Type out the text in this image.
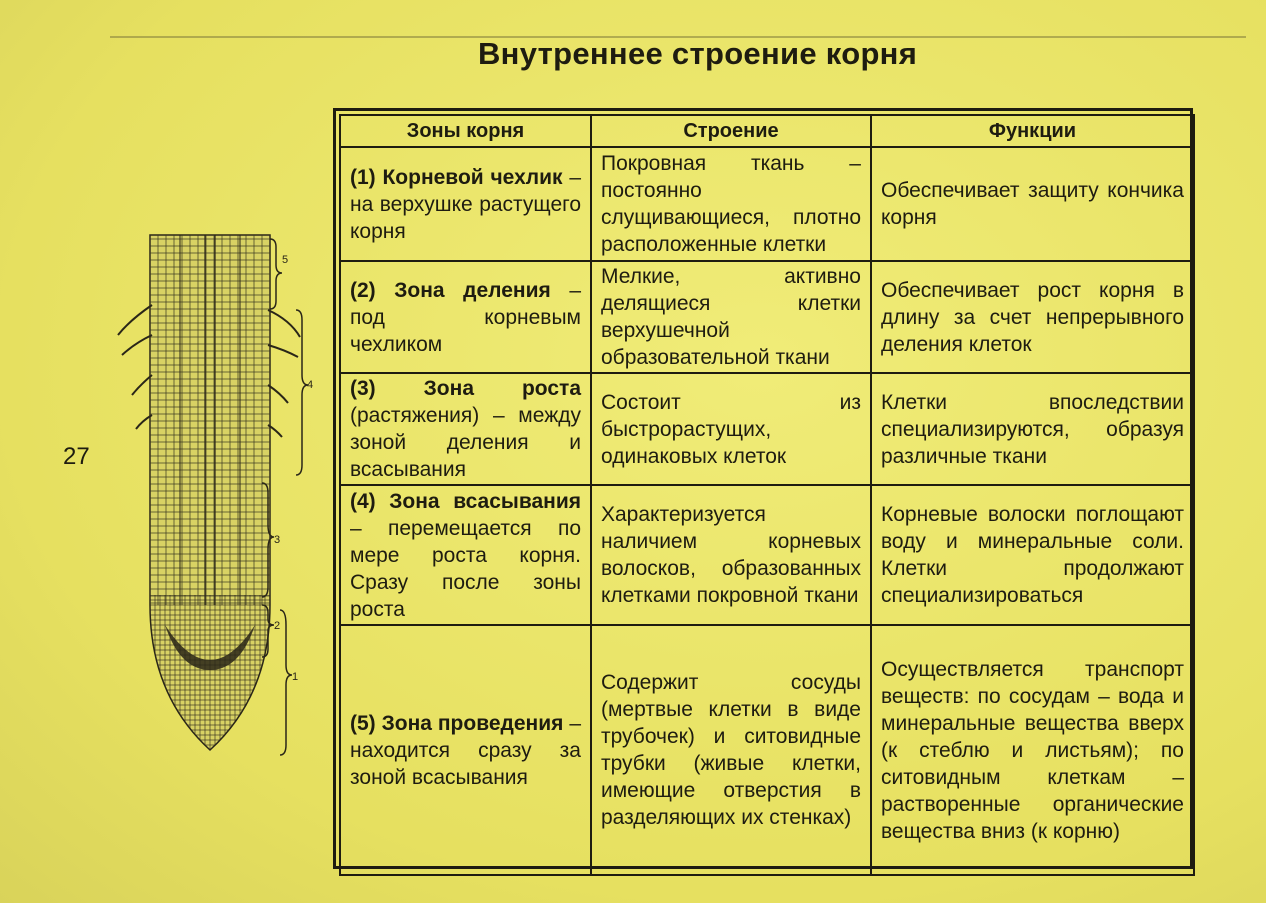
Внутреннее строение корня
27
5
4
3
2
1
Зоны корня	Строение	Функции
(1) Корневой чехлик – на верхушке растущего корня	Покровная ткань – постоянно слущивающиеся, плотно расположенные клетки	Обеспечивает защиту кончика корня
(2) Зона деления – под корневым чехликом	Мелкие, активно делящиеся клетки верхушечной образовательной ткани	Обеспечивает рост корня в длину за счет непрерывного деления клеток
(3) Зона роста (растяжения) – между зоной деления и всасывания	Состоит из быстрорастущих, одинаковых клеток	Клетки впоследствии специализируются, образуя различные ткани
(4) Зона всасывания – перемещается по мере роста корня. Сразу после зоны роста	Характеризуется наличием корневых волосков, образованных клетками покровной ткани	Корневые волоски поглощают воду и минеральные соли. Клетки продолжают специализироваться
(5) Зона проведения – находится сразу за зоной всасывания	Содержит сосуды (мертвые клетки в виде трубочек) и ситовидные трубки (живые клетки, имеющие отверстия в разделяющих их стенках)	Осуществляется транспорт веществ: по сосудам – вода и минеральные вещества вверх (к стеблю и листьям); по ситовидным клеткам – растворенные органические вещества вниз (к корню)
